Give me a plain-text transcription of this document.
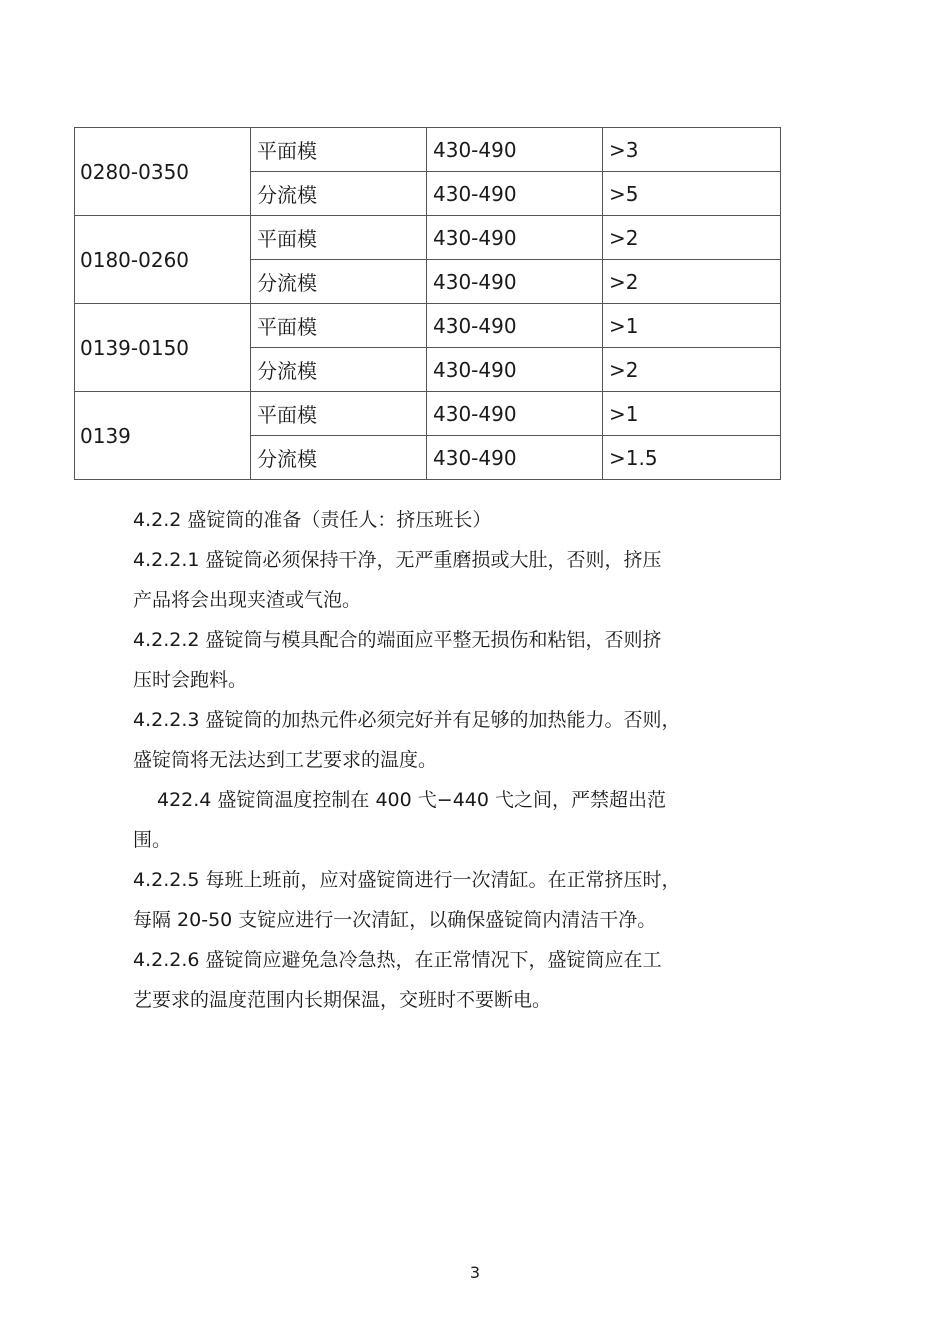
0280-0350	平面模	430-490	>3
	分流模	430-490	>5
0180-0260	平面模	430-490	>2
	分流模	430-490	>2
0139-0150	平面模	430-490	>1
	分流模	430-490	>2
0139	平面模	430-490	>1
	分流模	430-490	>1.5

4.2.2 盛锭筒的准备（责任人：挤压班长）

4.2.2.1 盛锭筒必须保持干净，无严重磨损或大肚，否则，挤压

产品将会出现夹渣或气泡。

4.2.2.2 盛锭筒与模具配合的端面应平整无损伤和粘铝，否则挤

压时会跑料。

4.2.2.3 盛锭筒的加热元件必须完好并有足够的加热能力。否则，

盛锭筒将无法达到工艺要求的温度。

422.4 盛锭筒温度控制在 400 弋−440 弋之间，严禁超出范

围。

4.2.2.5 每班上班前，应对盛锭筒进行一次清缸。在正常挤压时，

每隔 20-50 支锭应进行一次清缸，以确保盛锭筒内清洁干净。

4.2.2.6 盛锭筒应避免急冷急热，在正常情况下，盛锭筒应在工

艺要求的温度范围内长期保温，交班时不要断电。

3
